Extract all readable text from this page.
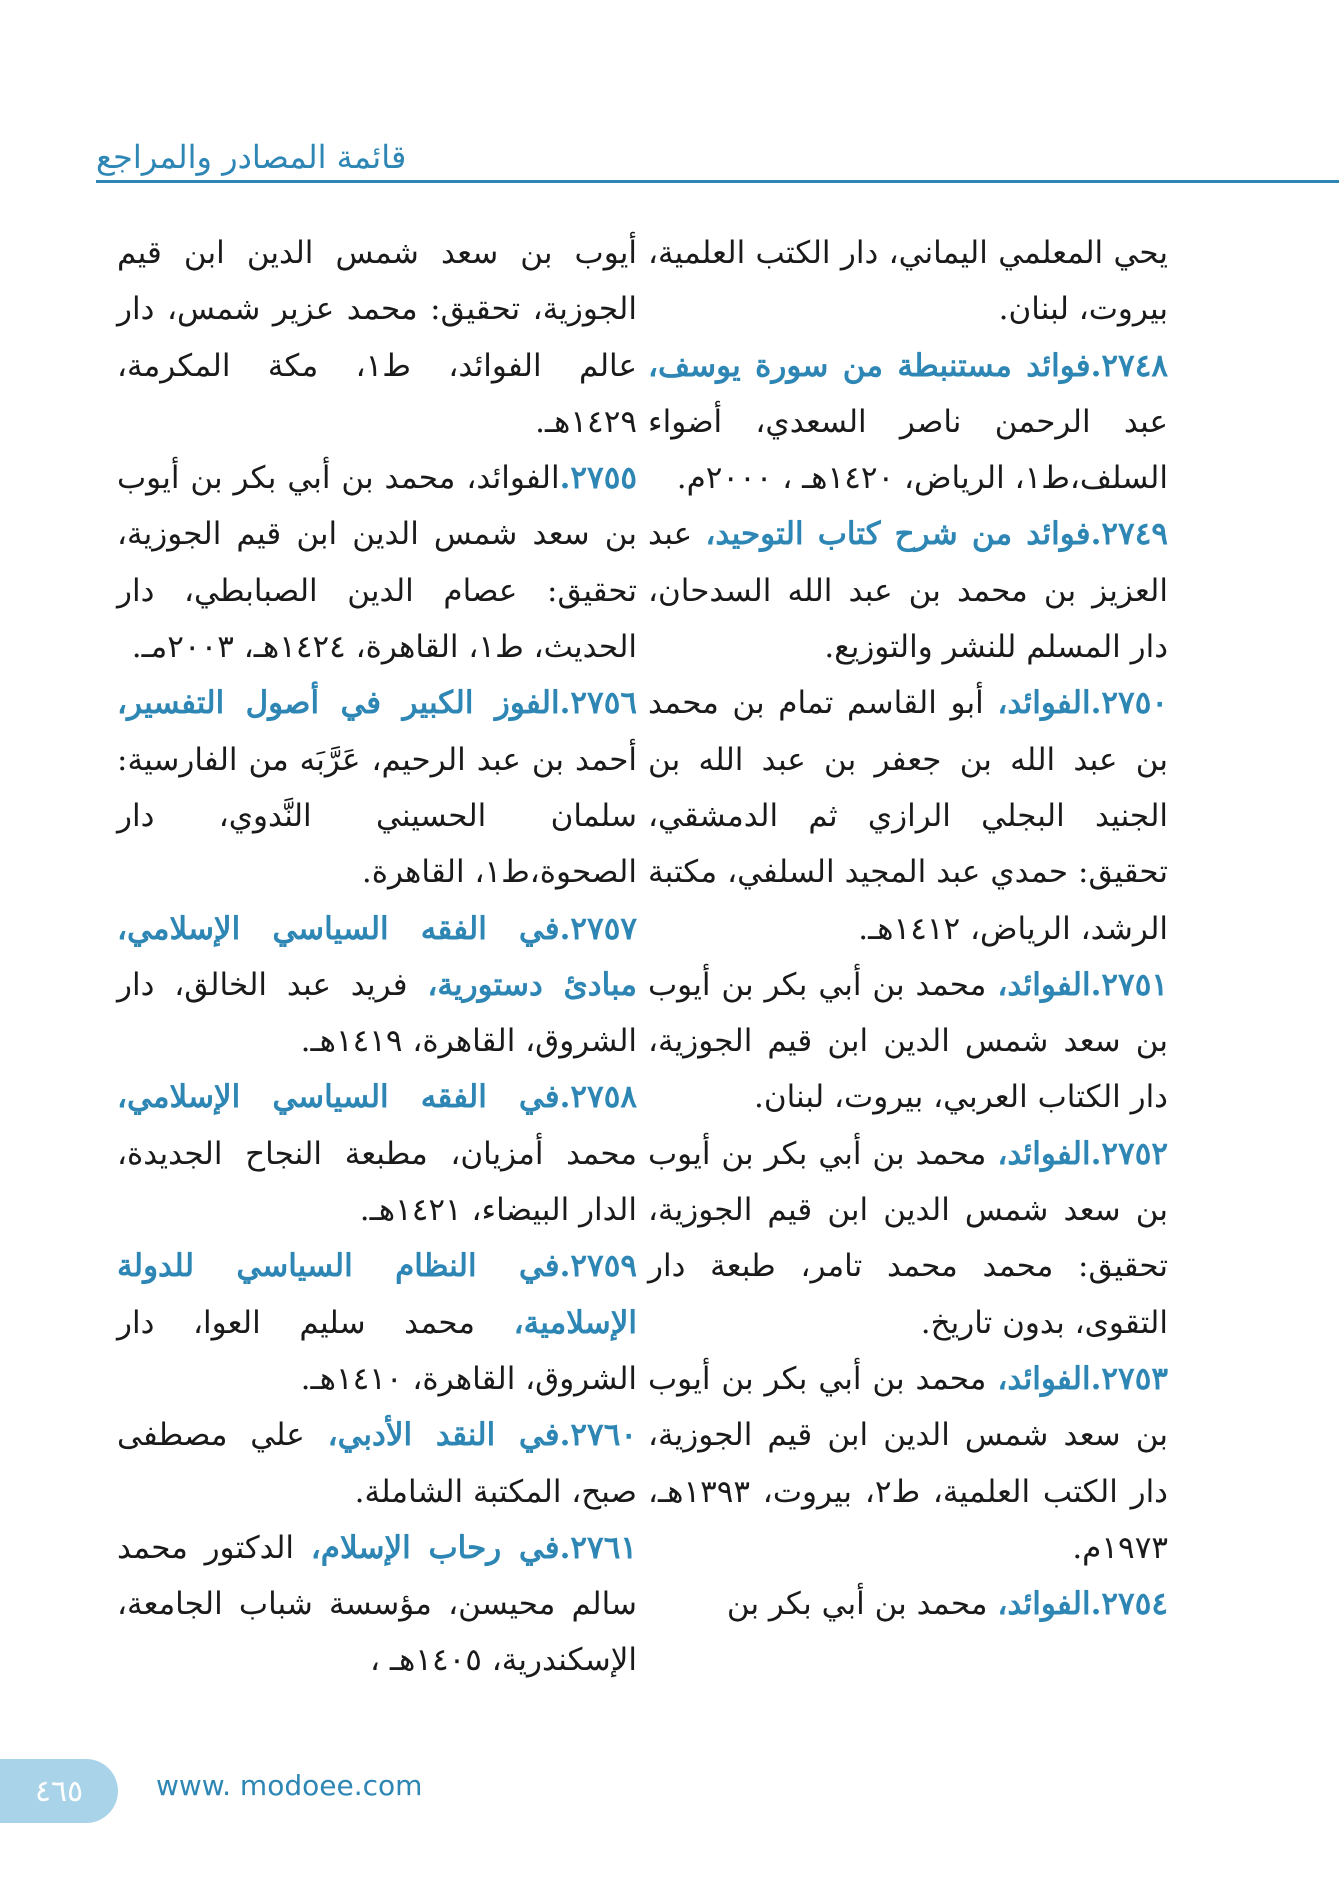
قائمة المصادر والمراجع

يحي المعلمي اليماني، دار الكتب العلمية، بيروت، لبنان.

٢٧٤٨.فوائد مستنبطة من سورة يوسف، عبد الرحمن ناصر السعدي، أضواء السلف،ط١، الرياض، ١٤٢٠هـ ، ٢٠٠٠م.

٢٧٤٩.فوائد من شرح كتاب التوحيد، عبد العزيز بن محمد بن عبد الله السدحان، دار المسلم للنشر والتوزيع.

٢٧٥٠.الفوائد، أبو القاسم تمام بن محمد بن عبد الله بن جعفر بن عبد الله بن الجنيد البجلي الرازي ثم الدمشقي، تحقيق: حمدي عبد المجيد السلفي، مكتبة الرشد، الرياض، ١٤١٢هـ.

٢٧٥١.الفوائد، محمد بن أبي بكر بن أيوب بن سعد شمس الدين ابن قيم الجوزية، دار الكتاب العربي، بيروت، لبنان.

٢٧٥٢.الفوائد، محمد بن أبي بكر بن أيوب بن سعد شمس الدين ابن قيم الجوزية، تحقيق: محمد محمد تامر، طبعة دار التقوى، بدون تاريخ.

٢٧٥٣.الفوائد، محمد بن أبي بكر بن أيوب بن سعد شمس الدين ابن قيم الجوزية، دار الكتب العلمية، ط٢، بيروت، ١٣٩٣هـ، ١٩٧٣م.

٢٧٥٤.الفوائد، محمد بن أبي بكر بن

أيوب بن سعد شمس الدين ابن قيم الجوزية، تحقيق: محمد عزير شمس، دار عالم الفوائد، ط١، مكة المكرمة، ١٤٢٩هـ.

٢٧٥٥.الفوائد، محمد بن أبي بكر بن أيوب بن سعد شمس الدين ابن قيم الجوزية، تحقيق: عصام الدين الصبابطي، دار الحديث، ط١، القاهرة، ١٤٢٤هـ، ٢٠٠٣مـ.

٢٧٥٦.الفوز الكبير في أصول التفسير، أحمد بن عبد الرحيم، عَرَّبَه من الفارسية: سلمان الحسيني النَّدوي، دار الصحوة،ط١، القاهرة.

٢٧٥٧.في الفقه السياسي الإسلامي، مبادئ دستورية، فريد عبد الخالق، دار الشروق، القاهرة، ١٤١٩هـ.

٢٧٥٨.في الفقه السياسي الإسلامي، محمد أمزيان، مطبعة النجاح الجديدة، الدار البيضاء، ١٤٢١هـ.

٢٧٥٩.في النظام السياسي للدولة الإسلامية، محمد سليم العوا، دار الشروق، القاهرة، ١٤١٠هـ.

٢٧٦٠.في النقد الأدبي، علي مصطفى صبح، المكتبة الشاملة.

٢٧٦١.في رحاب الإسلام، الدكتور محمد سالم محيسن، مؤسسة شباب الجامعة، الإسكندرية، ١٤٠٥هـ ،

٤٦٥	www. modoee.com
